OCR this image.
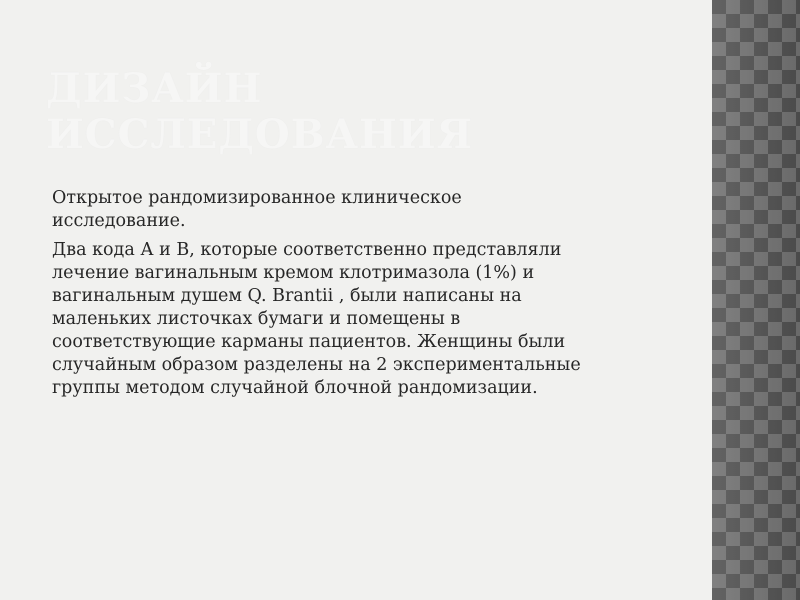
ДИЗАЙН
ИССЛЕДОВАНИЯ

Открытое рандомизированное клиническое исследование.

Два кода А и В, которые соответственно представляли лечение вагинальным кремом клотримазола (1%) и вагинальным душем Q. Brantii , были написаны на маленьких листочках бумаги и помещены в соответствующие карманы пациентов. Женщины были случайным образом разделены на 2 экспериментальные группы методом случайной блочной рандомизации.
